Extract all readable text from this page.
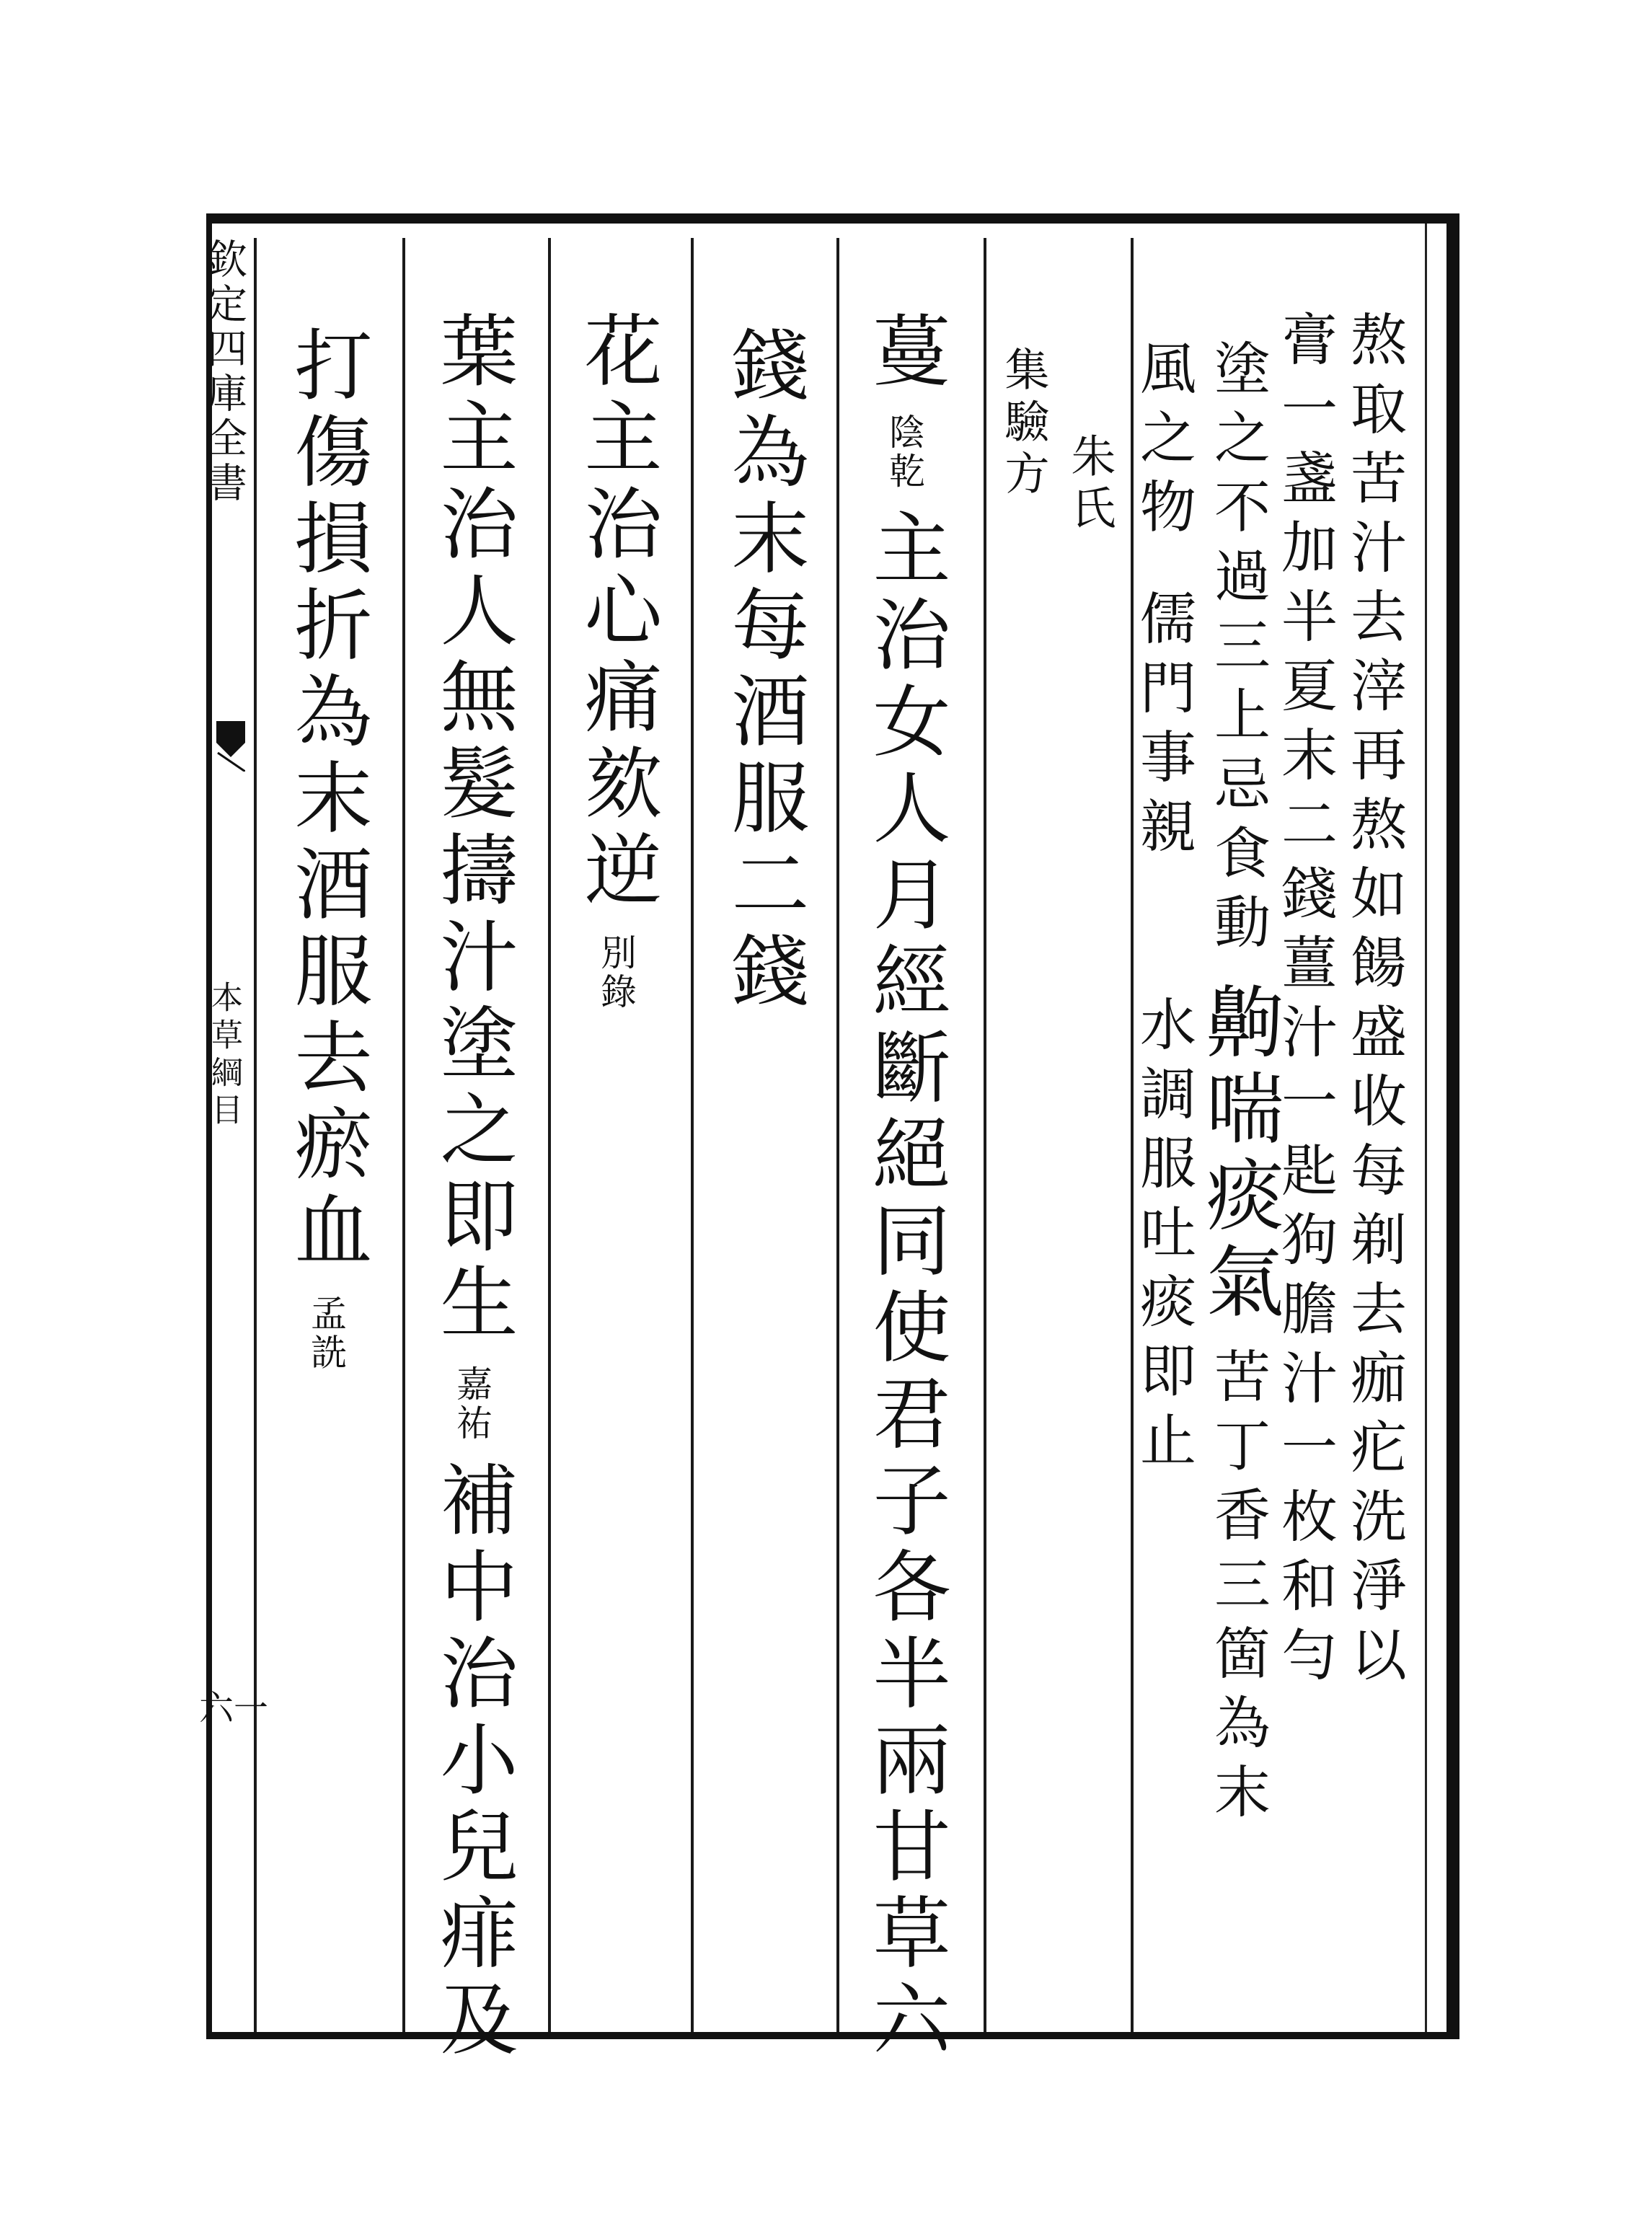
欽定四庫全書
本草綱目
六一
熬取苦汁去滓再熬如餳盛收每剃去痂疕洗淨以
膏一盞加半夏末二錢薑汁一匙狗膽汁一枚和勻
塗之不過三上忌食動 齁喘痰氣 苦丁香三箇為末
風之物 儒門事親 水調服吐痰即止
朱氏
集驗方
蔓 陰乾 主治女人月經斷絕同使君子各半兩甘草六
錢為末每酒服二錢
花主治心痛欬逆 別錄
葉主治人無髮擣汁塗之即生 嘉祐 補中治小兒痱及
打傷損折為末酒服去瘀血 孟詵
